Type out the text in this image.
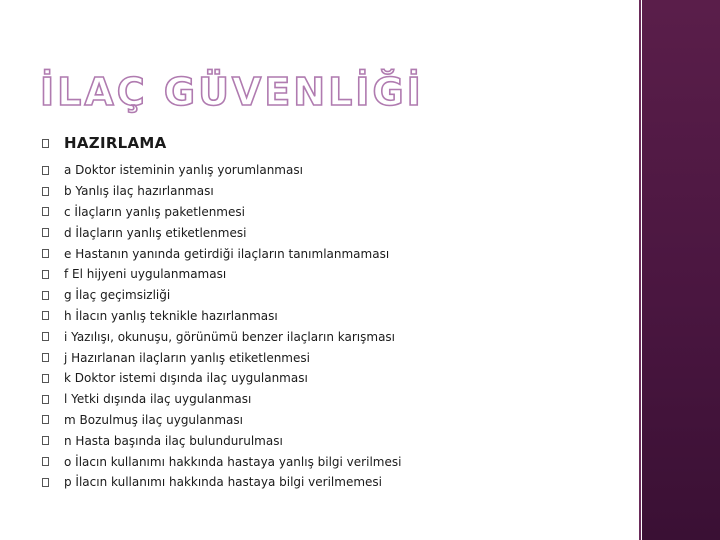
İLAÇ GÜVENLİĞİ
HAZIRLAMA
a Doktor isteminin yanlış yorumlanması
b Yanlış ilaç hazırlanması
c İlaçların yanlış paketlenmesi
d İlaçların yanlış etiketlenmesi
e Hastanın yanında getirdiği ilaçların tanımlanmaması
f El hijyeni uygulanmaması
g İlaç geçimsizliği
h İlacın yanlış teknikle hazırlanması
i Yazılışı, okunuşu, görünümü benzer ilaçların karışması
j Hazırlanan ilaçların yanlış etiketlenmesi
k Doktor istemi dışında ilaç uygulanması
l Yetki dışında ilaç uygulanması
m Bozulmuş ilaç uygulanması
n Hasta başında ilaç bulundurulması
o İlacın kullanımı hakkında hastaya yanlış bilgi verilmesi
p İlacın kullanımı hakkında hastaya bilgi verilmemesi
